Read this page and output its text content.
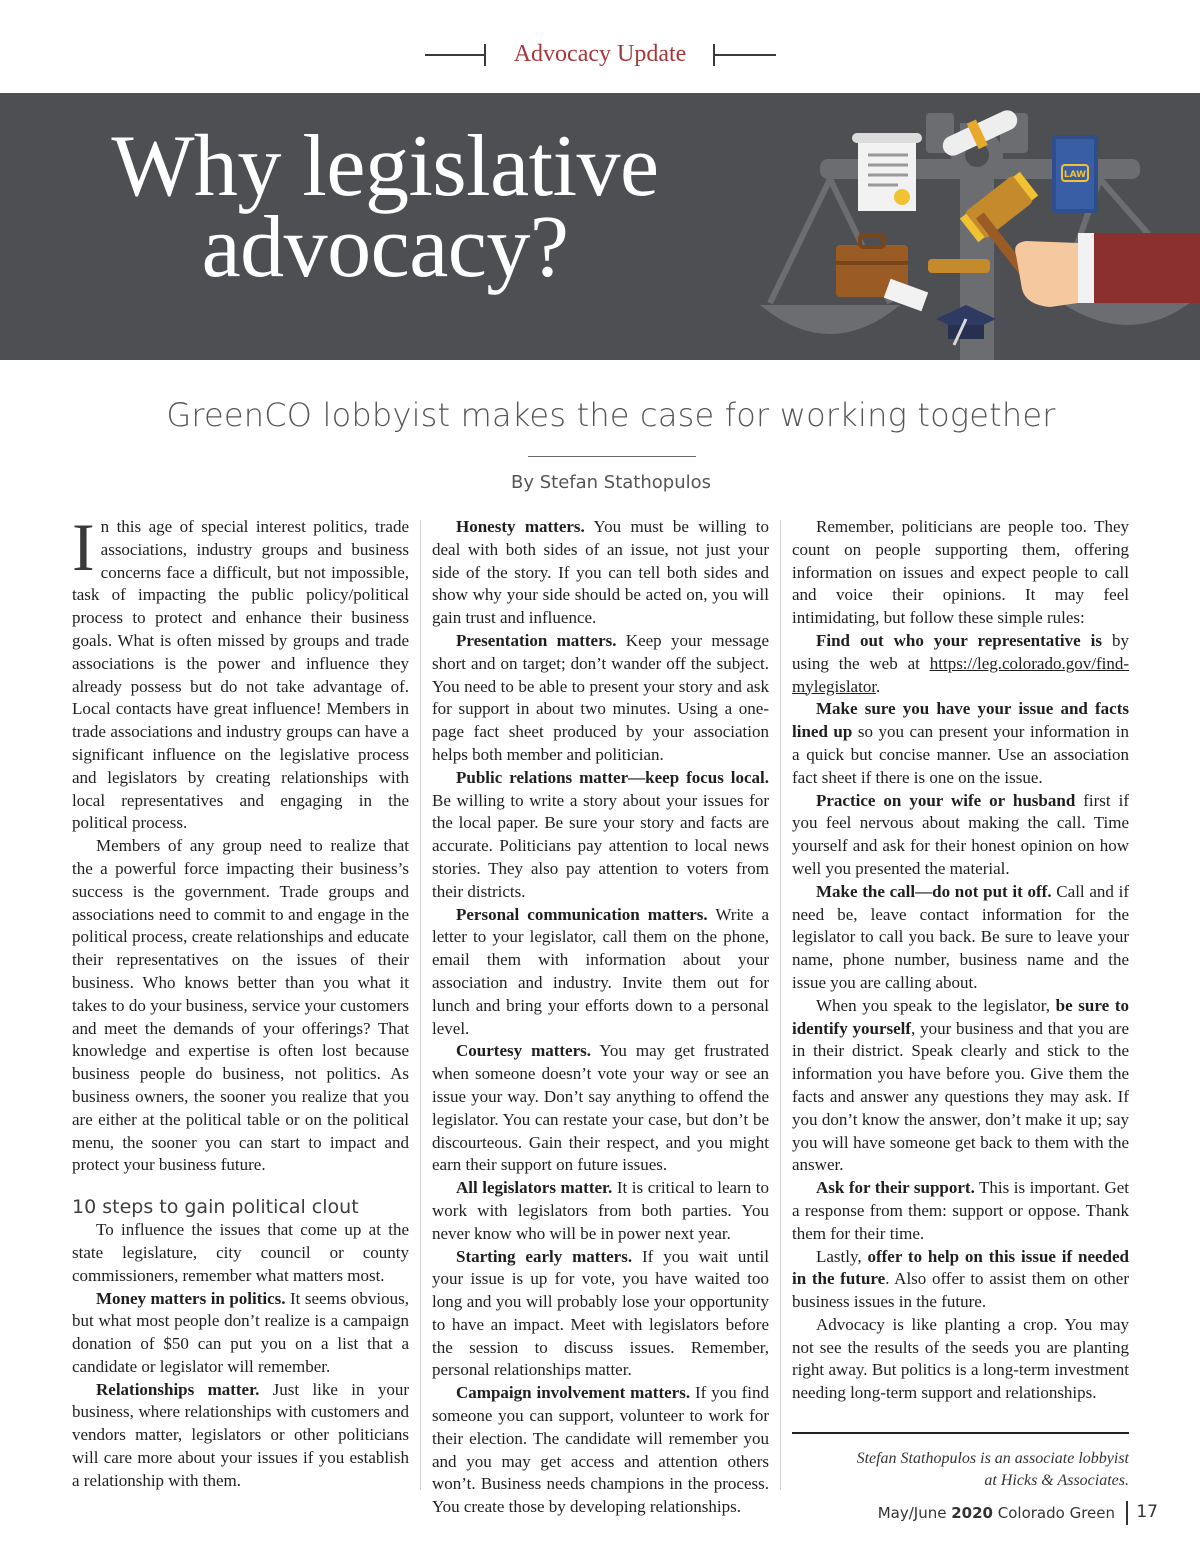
Advocacy Update
Why legislative
advocacy?
LAW
GreenCO lobbyist makes the case for working together
By Stefan Stathopulos

In this age of special interest politics, trade associations, industry groups and business concerns face a difficult, but not impossible, task of impacting the public policy/political process to protect and enhance their business goals. What is often missed by groups and trade associations is the power and influence they already possess but do not take advantage of. Local contacts have great influence! Members in trade associations and industry groups can have a significant influence on the legislative process and legislators by creating relationships with local representatives and engaging in the political process.

Members of any group need to realize that the a powerful force impacting their business’s success is the government. Trade groups and associations need to commit to and engage in the political process, create relationships and educate their representatives on the issues of their business. Who knows better than you what it takes to do your business, service your customers and meet the demands of your offerings? That knowledge and expertise is often lost because business people do business, not politics. As business owners, the sooner you realize that you are either at the political table or on the political menu, the sooner you can start to impact and protect your business future.

10 steps to gain political clout

To influence the issues that come up at the state legislature, city council or county commissioners, remember what matters most.

Money matters in politics. It seems obvious, but what most people don’t realize is a campaign donation of $50 can put you on a list that a candidate or legislator will remember.

Relationships matter. Just like in your business, where relationships with customers and vendors matter, legislators or other politicians will care more about your issues if you establish a relationship with them.

Honesty matters. You must be willing to deal with both sides of an issue, not just your side of the story. If you can tell both sides and show why your side should be acted on, you will gain trust and influence.

Presentation matters. Keep your message short and on target; don’t wander off the subject. You need to be able to present your story and ask for support in about two minutes. Using a one-page fact sheet produced by your association helps both member and politician.

Public relations matter—keep focus local. Be willing to write a story about your issues for the local paper. Be sure your story and facts are accurate. Politicians pay attention to local news stories. They also pay attention to voters from their districts.

Personal communication matters. Write a letter to your legislator, call them on the phone, email them with information about your association and industry. Invite them out for lunch and bring your efforts down to a personal level.

Courtesy matters. You may get frustrated when someone doesn’t vote your way or see an issue your way. Don’t say anything to offend the legislator. You can restate your case, but don’t be discourteous. Gain their respect, and you might earn their support on future issues.

All legislators matter. It is critical to learn to work with legislators from both parties. You never know who will be in power next year.

Starting early matters. If you wait until your issue is up for vote, you have waited too long and you will probably lose your opportunity to have an impact. Meet with legislators before the session to discuss issues. Remember, personal relationships matter.

Campaign involvement matters. If you find someone you can support, volunteer to work for their election. The candidate will remember you and you may get access and attention others won’t. Business needs champions in the process. You create those by developing relationships.

Remember, politicians are people too. They count on people supporting them, offering information on issues and expect people to call and voice their opinions. It may feel intimidating, but follow these simple rules:

Find out who your representative is by using the web at https://leg.colorado.gov/find-mylegislator.

Make sure you have your issue and facts lined up so you can present your information in a quick but concise manner. Use an association fact sheet if there is one on the issue.

Practice on your wife or husband first if you feel nervous about making the call. Time yourself and ask for their honest opinion on how well you presented the material.

Make the call—do not put it off. Call and if need be, leave contact information for the legislator to call you back. Be sure to leave your name, phone number, business name and the issue you are calling about.

When you speak to the legislator, be sure to identify yourself, your business and that you are in their district. Speak clearly and stick to the information you have before you. Give them the facts and answer any questions they may ask. If you don’t know the answer, don’t make it up; say you will have someone get back to them with the answer.

Ask for their support. This is important. Get a response from them: support or oppose. Thank them for their time.

Lastly, offer to help on this issue if needed in the future. Also offer to assist them on other business issues in the future.

Advocacy is like planting a crop. You may not see the results of the seeds you are planting right away. But politics is a long-term investment needing long-term support and relationships.

Stefan Stathopulos is an associate lobbyist
at Hicks & Associates.
May/June 2020 Colorado Green 17
